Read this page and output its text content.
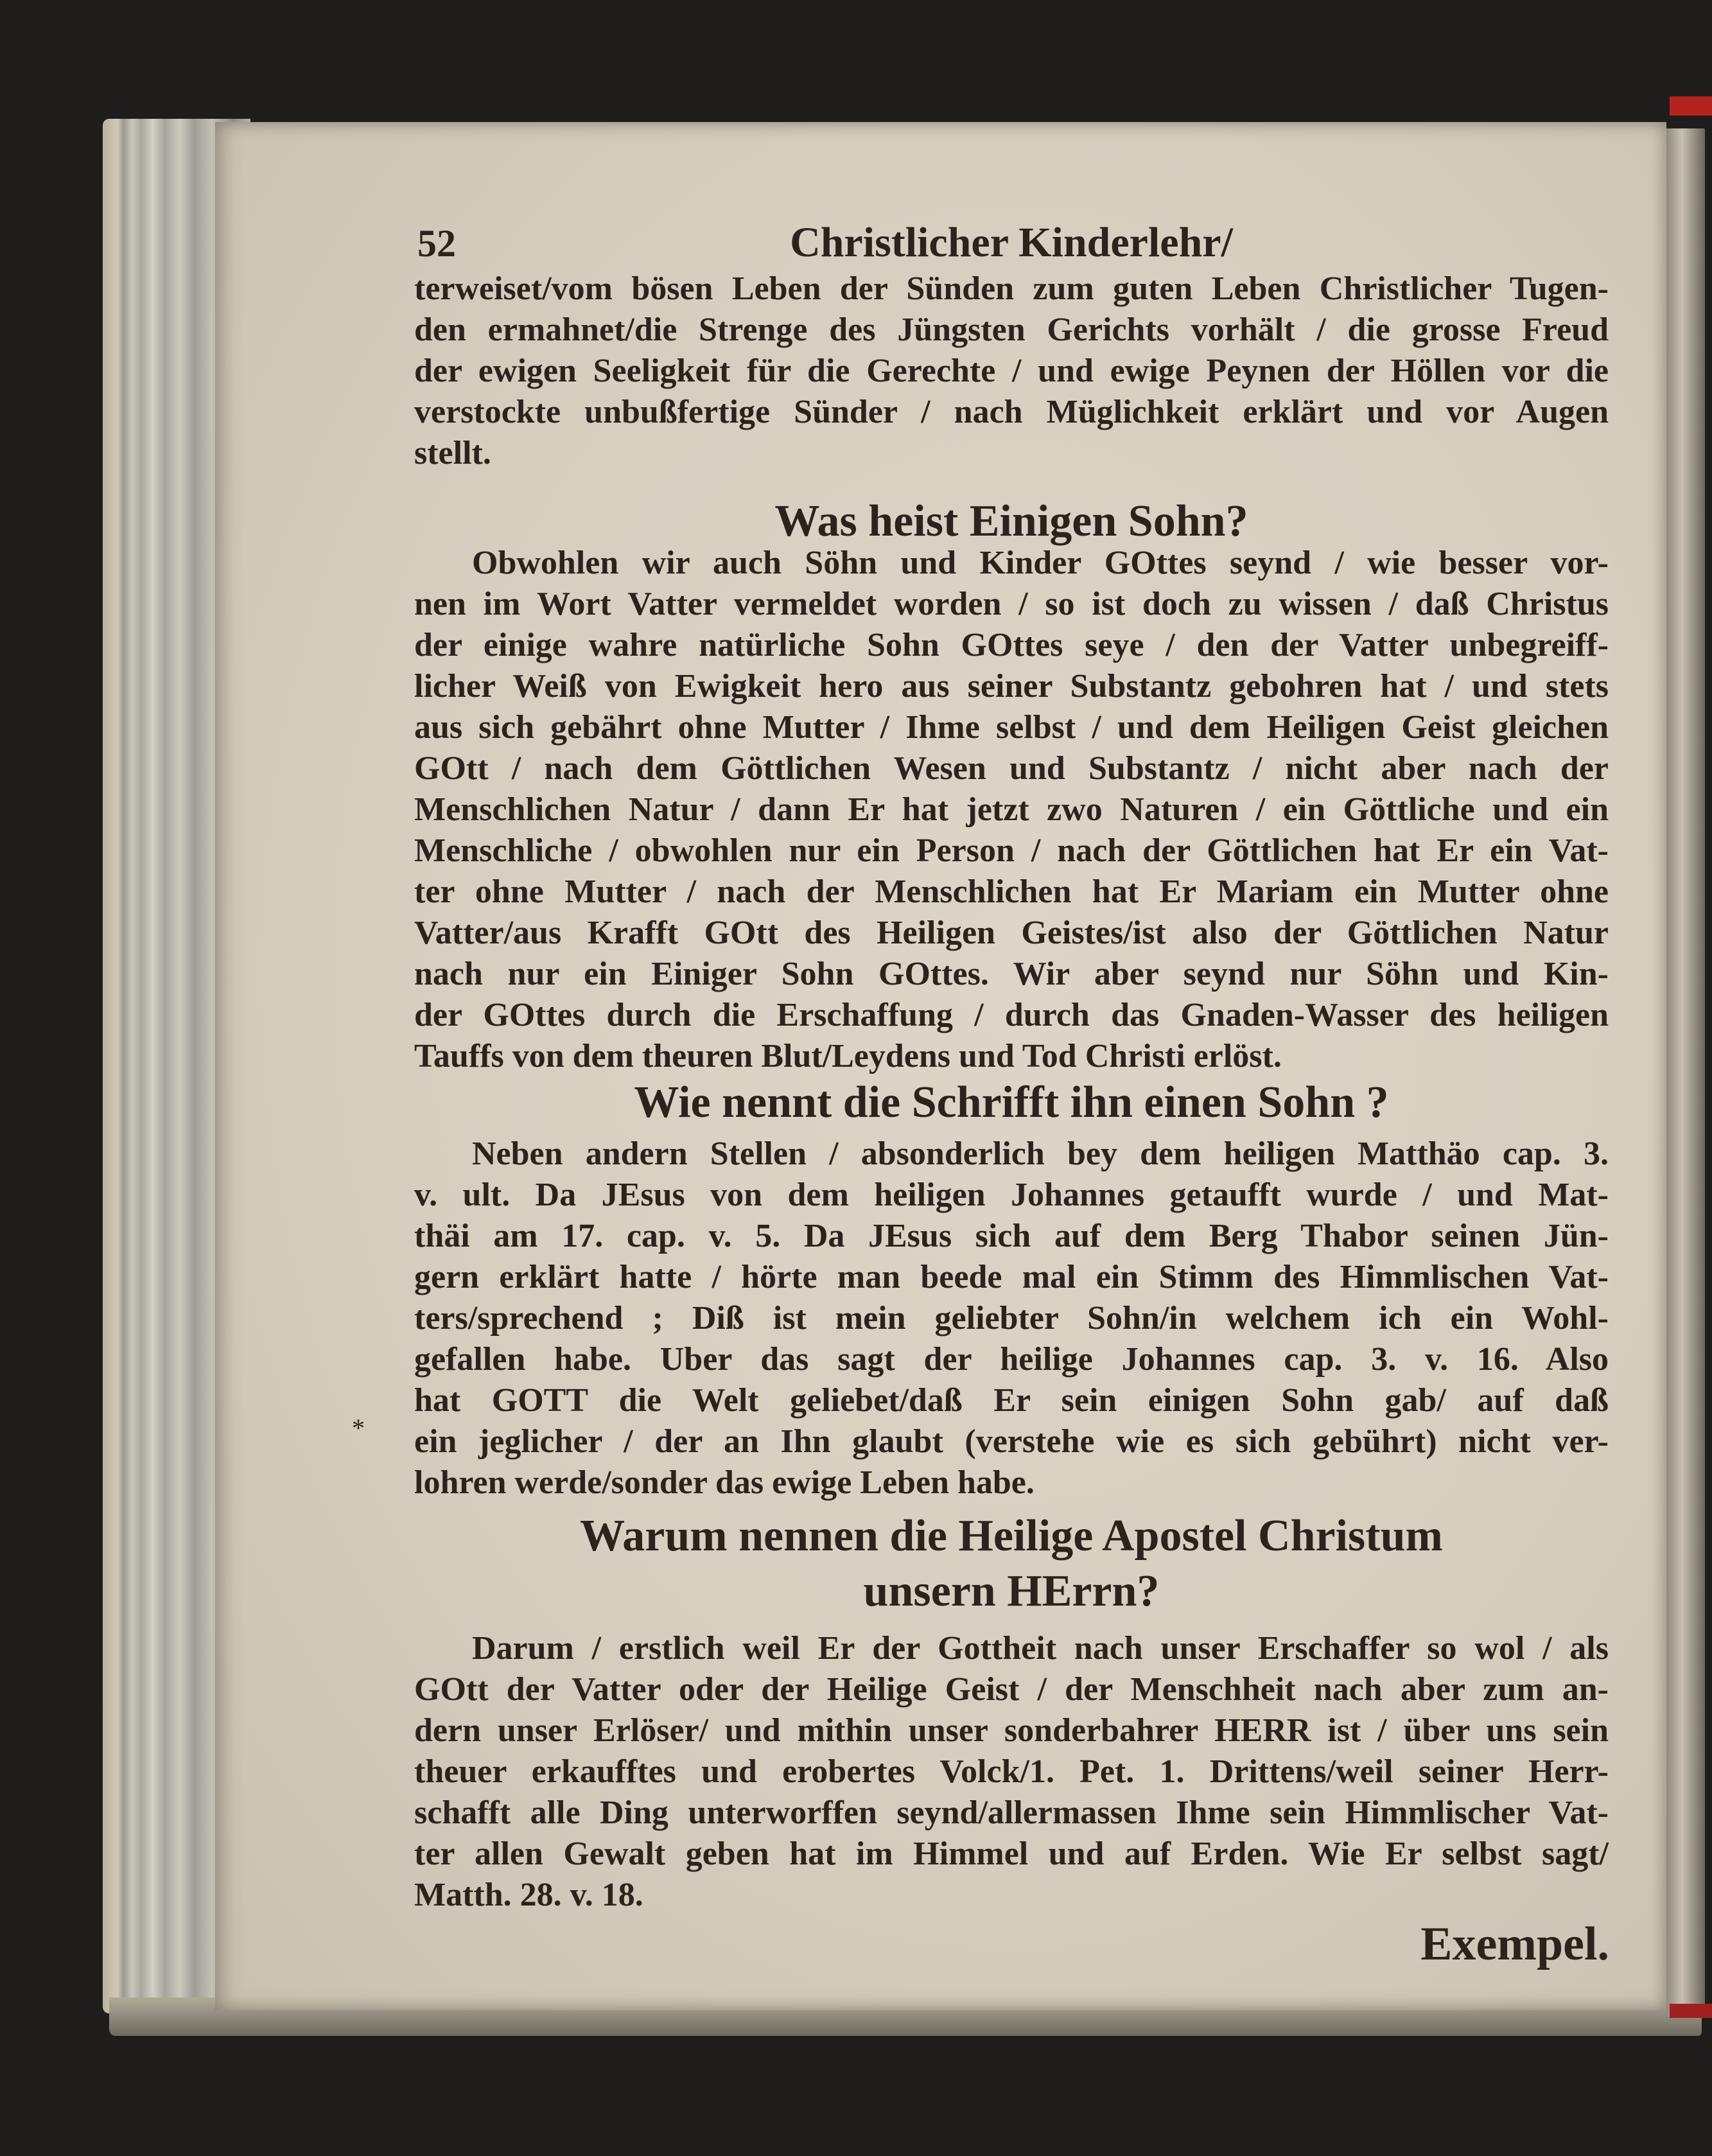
52	Christlicher Kinderlehr/
terweiset/vom bösen Leben der Sünden zum guten Leben Christlicher Tugen-
den ermahnet/die Strenge des Jüngsten Gerichts vorhält / die grosse Freud
der ewigen Seeligkeit für die Gerechte / und ewige Peynen der Höllen vor die
verstockte unbußfertige Sünder / nach Müglichkeit erklärt und vor Augen
stellt.
Was heist Einigen Sohn?
Obwohlen wir auch Söhn und Kinder GOttes seynd / wie besser vor-
nen im Wort Vatter vermeldet worden / so ist doch zu wissen / daß Christus
der einige wahre natürliche Sohn GOttes seye / den der Vatter unbegreiff-
licher Weiß von Ewigkeit hero aus seiner Substantz gebohren hat / und stets
aus sich gebährt ohne Mutter / Ihme selbst / und dem Heiligen Geist gleichen
GOtt / nach dem Göttlichen Wesen und Substantz / nicht aber nach der
Menschlichen Natur / dann Er hat jetzt zwo Naturen / ein Göttliche und ein
Menschliche / obwohlen nur ein Person / nach der Göttlichen hat Er ein Vat-
ter ohne Mutter / nach der Menschlichen hat Er Mariam ein Mutter ohne
Vatter/aus Krafft GOtt des Heiligen Geistes/ist also der Göttlichen Natur
nach nur ein Einiger Sohn GOttes. Wir aber seynd nur Söhn und Kin-
der GOttes durch die Erschaffung / durch das Gnaden-Wasser des heiligen
Tauffs von dem theuren Blut/Leydens und Tod Christi erlöst.
Wie nennt die Schrifft ihn einen Sohn ?
*
Neben andern Stellen / absonderlich bey dem heiligen Matthäo cap. 3.
v. ult. Da JEsus von dem heiligen Johannes getaufft wurde / und Mat-
thäi am 17. cap. v. 5. Da JEsus sich auf dem Berg Thabor seinen Jün-
gern erklärt hatte / hörte man beede mal ein Stimm des Himmlischen Vat-
ters/sprechend ; Diß ist mein geliebter Sohn/in welchem ich ein Wohl-
gefallen habe. Uber das sagt der heilige Johannes cap. 3. v. 16. Also
hat GOTT die Welt geliebet/daß Er sein einigen Sohn gab/ auf daß
ein jeglicher / der an Ihn glaubt (verstehe wie es sich gebührt) nicht ver-
lohren werde/sonder das ewige Leben habe.
Warum nennen die Heilige Apostel Christum
unsern HErrn?
Darum / erstlich weil Er der Gottheit nach unser Erschaffer so wol / als
GOtt der Vatter oder der Heilige Geist / der Menschheit nach aber zum an-
dern unser Erlöser/ und mithin unser sonderbahrer HERR ist / über uns sein
theuer erkaufftes und erobertes Volck/1. Pet. 1. Drittens/weil seiner Herr-
schafft alle Ding unterworffen seynd/allermassen Ihme sein Himmlischer Vat-
ter allen Gewalt geben hat im Himmel und auf Erden. Wie Er selbst sagt/
Matth. 28. v. 18.
Exempel.
